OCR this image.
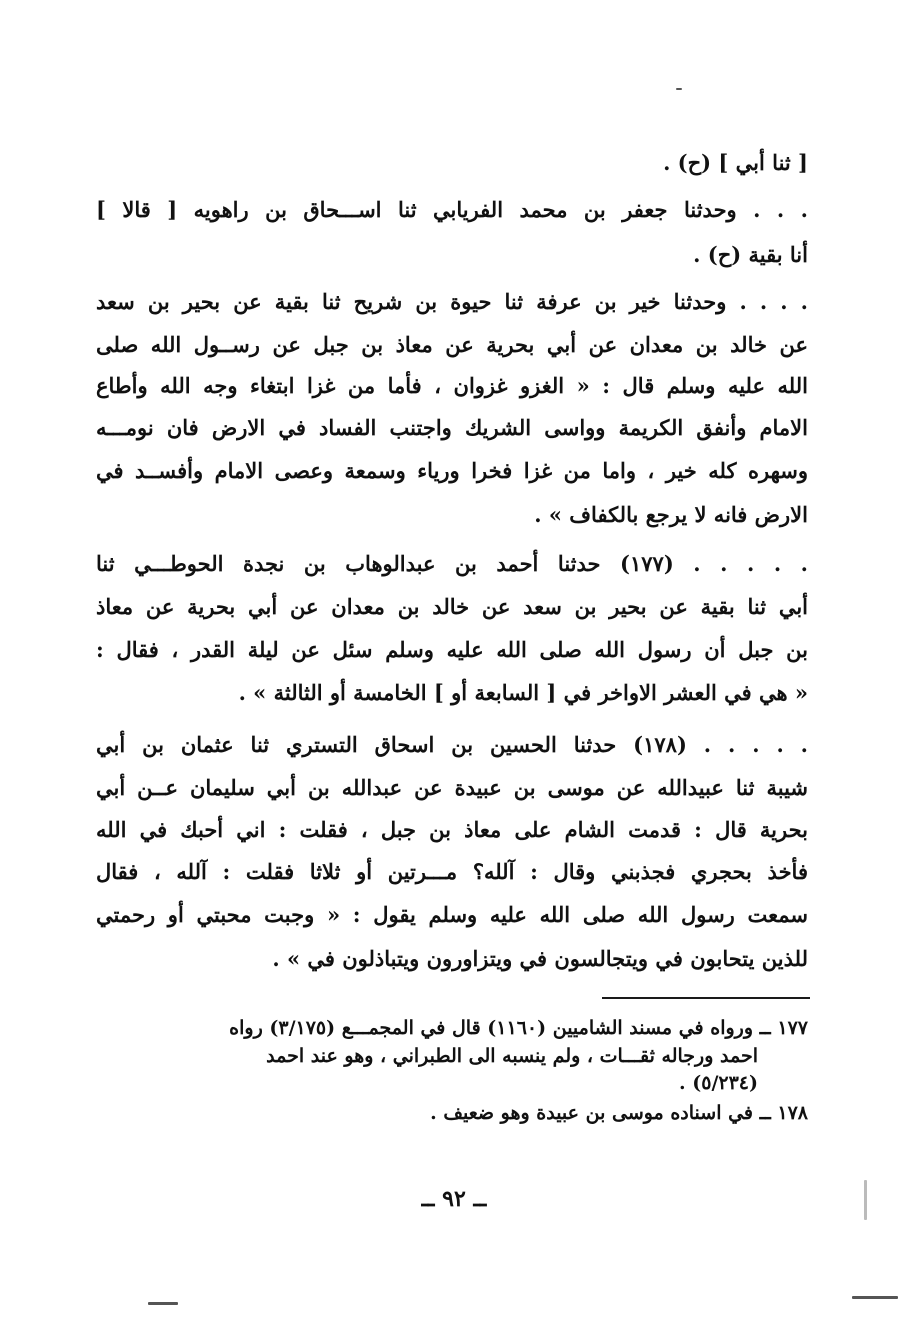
[ ثنا أبي ] (ح) .
. . . وحدثنا جعفر بن محمد الفريابي ثنا اســـحاق بن راهويه [ قالا ]
أنا بقية (ح) .
. . . . وحدثنا خير بن عرفة ثنا حيوة بن شريح ثنا بقية عن بحير بن سعد
عن خالد بن معدان عن أبي بحرية عن معاذ بن جبل عن رســول الله صلى
الله عليه وسلم قال : « الغزو غزوان ، فأما من غزا ابتغاء وجه الله وأطاع
الامام وأنفق الكريمة وواسى الشريك واجتنب الفساد في الارض فان نومـــه
وسهره كله خير ، واما من غزا فخرا ورياء وسمعة وعصى الامام وأفســد في
الارض فانه لا يرجع بالكفاف » .
. . . . . (١٧٧) حدثنا أحمد بن عبدالوهاب بن نجدة الحوطـــي ثنا
أبي ثنا بقية عن بحير بن سعد عن خالد بن معدان عن أبي بحرية عن معاذ
بن جبل أن رسول الله صلى الله عليه وسلم سئل عن ليلة القدر ، فقال :
« هي في العشر الاواخر في [ السابعة أو ] الخامسة أو الثالثة » .
. . . . . (١٧٨) حدثنا الحسين بن اسحاق التستري ثنا عثمان بن أبي
شيبة ثنا عبيدالله عن موسى بن عبيدة عن عبدالله بن أبي سليمان عــن أبي
بحرية قال : قدمت الشام على معاذ بن جبل ، فقلت : اني أحبك في الله
فأخذ بحجري فجذبني وقال : آلله؟ مـــرتين أو ثلاثا فقلت : آلله ، فقال
سمعت رسول الله صلى الله عليه وسلم يقول : « وجبت محبتي أو رحمتي
للذين يتحابون في ويتجالسون في ويتزاورون ويتباذلون في » .
١٧٧ ــ ورواه في مسند الشاميين (١١٦٠) قال في المجمـــع (٣/١٧٥) رواه
احمد ورجاله ثقـــات ، ولم ينسبه الى الطبراني ، وهو عند احمد
(٥/٢٣٤) .
١٧٨ ــ في اسناده موسى بن عبيدة وهو ضعيف .
ــ ٩٢ ــ
